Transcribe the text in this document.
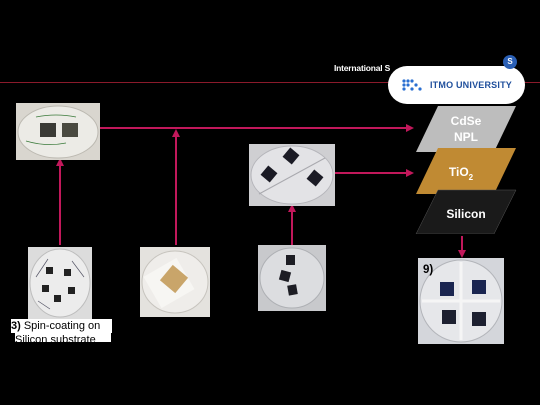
International S
ITMO UNIVERSITY
S
3) Spin-coating on
Silicon substrate
CdSe
NPL
TiO$_2$
Silicon
9)
